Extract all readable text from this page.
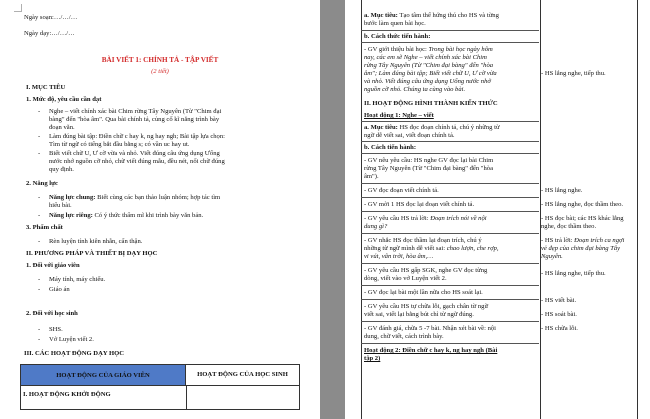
Ngày soạn:…/…/…
Ngày dạy:…/…/…
BÀI VIẾT 1: CHÍNH TẢ - TẬP VIẾT
(2 tiết)
I. MỤC TIÊU
1. Mức độ, yêu cầu cần đạt
- Nghe – viết chính xác bài Chim rừng Tây Nguyên (Từ "Chim đại
bàng" đến "hòa âm". Qua bài chính tả, củng cố kĩ năng trình bày
đoạn văn.
- Làm đúng bài tập: Điền chữ c hay k, ng hay ngh; Bài tập lựa chọn:
Tìm từ ngữ có tiếng bắt đầu bằng s; có vần uc hay ut.
- Biết viết chữ U, Ư cỡ vừa và nhỏ. Viết đúng câu ứng dụng Ưống
nước nhớ nguồn cỡ nhỏ, chữ viết đúng mẫu, đều nét, nối chữ đúng
quy định.
2. Năng lực
- Năng lực chung: Biết cùng các bạn thảo luận nhóm; hợp tác tìm
hiểu bài.
- Năng lực riêng: Có ý thức thẩm mĩ khi trình bày văn bản.
3. Phẩm chất
- Rèn luyện tính kiên nhẫn, cẩn thận.
II. PHƯƠNG PHÁP VÀ THIẾT BỊ DẠY HỌC
1. Đối với giáo viên
- Máy tính, máy chiếu.
- Giáo án
2. Đối với học sinh
- SHS.
- Vở Luyện viết 2.
III. CÁC HOẠT ĐỘNG DẠY HỌC
HOẠT ĐỘNG CỦA GIÁO VIÊN	HOẠT ĐỘNG CỦA HỌC SINH
I. HOẠT ĐỘNG KHỞI ĐỘNG
a. Mục tiêu: Tạo tâm thế hứng thú cho HS và từng
bước làm quen bài học.
b. Cách thức tiến hành:
- GV giới thiệu bài học: Trong bài học ngày hôm
nay, các em sẽ Nghe – viết chính xác bài Chim
rừng Tây Nguyên (Từ "Chim đại bàng" đến "hòa
âm"; Làm đúng bài tập; Biết viết chữ U, Ư cỡ vừa
và nhỏ. Viết đúng câu ứng dụng Uống nước nhớ
nguồn cỡ nhỏ. Chúng ta cùng vào bài.
- HS lắng nghe, tiếp thu.
II. HOẠT ĐỘNG HÌNH THÀNH KIẾN THỨC
Hoạt động 1: Nghe – viết
a. Mục tiêu: HS đọc đoạn chính tả, chú ý những từ
ngữ dễ viết sai, viết đoạn chính tả.
b. Cách tiến hành:
- GV nêu yêu cầu: HS nghe GV đọc lại bài Chim
rừng Tây Nguyên (Từ "Chim đại bàng" đến "hòa
âm").
- GV đọc đoạn viết chính tả.
- GV mời 1 HS đọc lại đoạn viết chính tả.
- GV yêu cầu HS trả lời: Đoạn trích nói về nội
dung gì?
- GV nhắc HS đọc thầm lại đoạn trích, chú ý
những từ ngữ mình dễ viết sai: chao lượn, che rợp,
vi vút, vân trời, hòa âm,…
- GV yêu cầu HS gấp SGK, nghe GV đọc từng
dòng, viết vào vở Luyện viết 2.
- GV đọc lại bài một lần nữa cho HS soát lại.
- GV yêu cầu HS tự chữa lỗi, gạch chân từ ngữ
viết sai, viết lại bằng bút chì từ ngữ đúng.
- GV đánh giá, chữa 5 -7 bài. Nhận xét bài về: nội
dung, chữ viết, cách trình bày.
Hoạt động 2: Điền chữ c hay k, ng hay ngh (Bài
tập 2)
- HS lắng nghe.
- HS lắng nghe, đọc thầm theo.
- HS đọc bài; các HS khác lắng
nghe, đọc thầm theo.
- HS trả lời: Đoạn trích ca ngợi
vẻ đẹp của chim đại bàng Tây
Nguyên.
- HS lắng nghe, tiếp thu.
- HS viết bài.
- HS soát bài.
- HS chữa lỗi.
